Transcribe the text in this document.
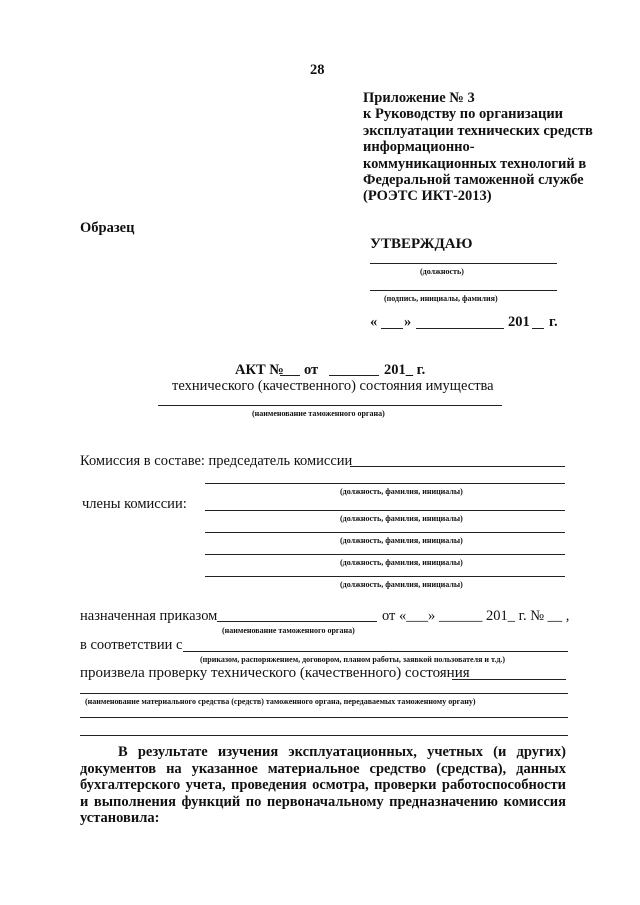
28
Приложение № 3
к Руководству по организации
эксплуатации технических средств
информационно-
коммуникационных технологий в
Федеральной таможенной службе
(РОЭТС ИКТ-2013)
Образец
УТВЕРЖДАЮ
(должность)
(подпись, инициалы, фамилия)
« »	201 г.
АКТ № от	201_ г.
технического (качественного) состояния имущества
(наименование таможенного органа)
Комиссия в составе: председатель комиссии
(должность, фамилия, инициалы)
члены комиссии:
(должность, фамилия, инициалы)
(должность, фамилия, инициалы)
(должность, фамилия, инициалы)
(должность, фамилия, инициалы)
назначенная приказом
(наименование таможенного органа)
от «___» ______ 201_ г. № __ ,
в соответствии с
(приказом, распоряжением, договором, планом работы, заявкой пользователя и т.д.)
произвела проверку технического (качественного) состояния
(наименование материального средства (средств) таможенного органа, передаваемых таможенному органу)
В результате изучения эксплуатационных, учетных (и других) документов на указанное материальное средство (средства), данных бухгалтерского учета, проведения осмотра, проверки работоспособности и выполнения функций по первоначальному предназначению комиссия установила:
